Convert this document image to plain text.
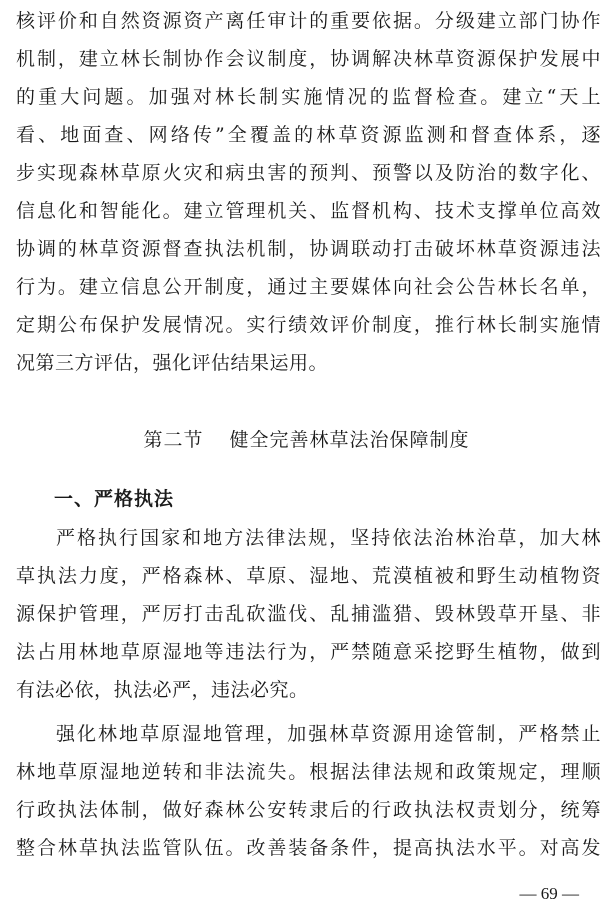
核评价和自然资源资产离任审计的重要依据。分级建立部门协作
机制，建立林长制协作会议制度，协调解决林草资源保护发展中
的重大问题。加强对林长制实施情况的监督检查。建立“天上
看、地面查、网络传”全覆盖的林草资源监测和督查体系，逐
步实现森林草原火灾和病虫害的预判、预警以及防治的数字化、
信息化和智能化。建立管理机关、监督机构、技术支撑单位高效
协调的林草资源督查执法机制，协调联动打击破坏林草资源违法
行为。建立信息公开制度，通过主要媒体向社会公告林长名单，
定期公布保护发展情况。实行绩效评价制度，推行林长制实施情
况第三方评估，强化评估结果运用。
第二节 健全完善林草法治保障制度
一、严格执法
严格执行国家和地方法律法规，坚持依法治林治草，加大林
草执法力度，严格森林、草原、湿地、荒漠植被和野生动植物资
源保护管理，严厉打击乱砍滥伐、乱捕滥猎、毁林毁草开垦、非
法占用林地草原湿地等违法行为，严禁随意采挖野生植物，做到
有法必依，执法必严，违法必究。
强化林地草原湿地管理，加强林草资源用途管制，严格禁止
林地草原湿地逆转和非法流失。根据法律法规和政策规定，理顺
行政执法体制，做好森林公安转隶后的行政执法权责划分，统筹
整合林草执法监管队伍。改善装备条件，提高执法水平。对高发
— 69 —
